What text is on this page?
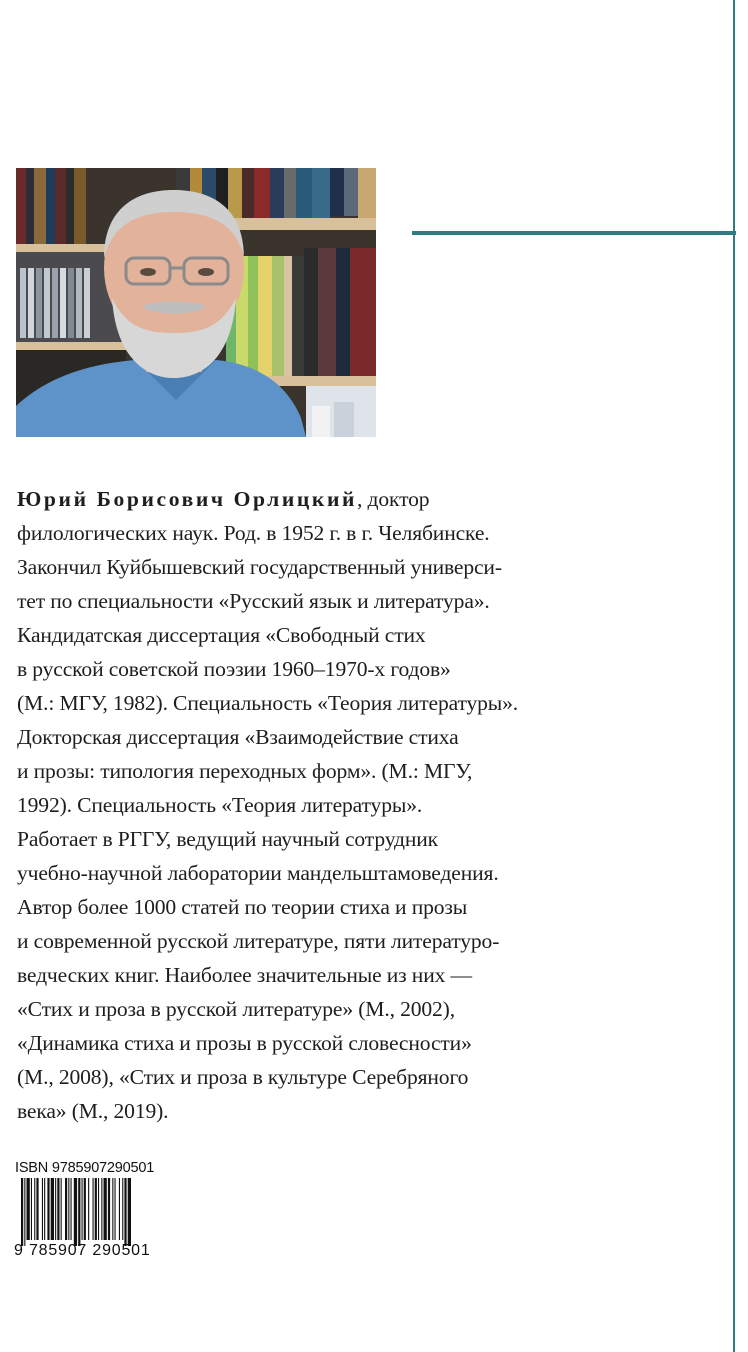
Юрий Борисович Орлицкий, доктор

филологических наук. Род. в 1952 г. в г. Челябинске.

Закончил Куйбышевский государственный универси-

тет по специальности «Русский язык и литература».

Кандидатская диссертация «Свободный стих

в русской советской поэзии 1960–1970-х годов»

(М.: МГУ, 1982). Специальность «Теория литературы».

Докторская диссертация «Взаимодействие стиха

и прозы: типология переходных форм». (М.: МГУ,

1992). Специальность «Теория литературы».

Работает в РГГУ, ведущий научный сотрудник

учебно-научной лаборатории мандельштамоведения.

Автор более 1000 статей по теории стиха и прозы

и современной русской литературе, пяти литературо-

ведческих книг. Наиболее значительные из них —

«Стих и проза в русской литературе» (М., 2002),

«Динамика стиха и прозы в русской словесности»

(М., 2008), «Стих и проза в культуре Серебряного

века» (М., 2019).

ISBN 9785907290501
9 785907 290501
